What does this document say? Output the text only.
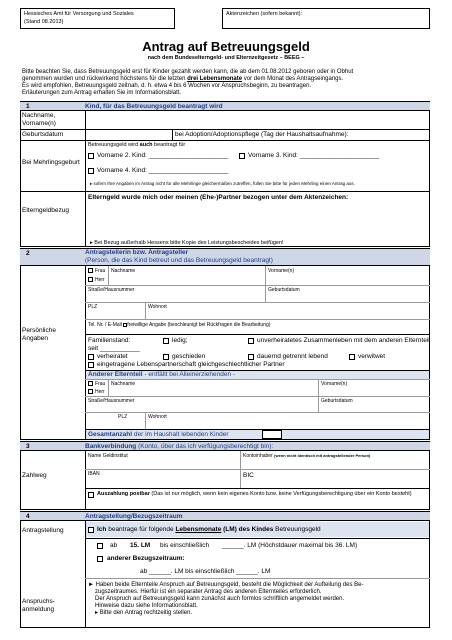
Hessisches Amt für Versorgung und Soziales
(Stand 08.2013)
Aktenzeichen (sofern bekannt):
Antrag auf Betreuungsgeld
nach dem Bundeselterngeld- und Elternzeitgesetz – BEEG –
Bitte beachten Sie, dass Betreuungsgeld erst für Kinder gezahlt werden kann, die ab dem 01.08.2012 geboren oder in Obhut
genommen wurden und rückwirkend höchstens für die letzten drei Lebensmonate vor dem Monat des Antragseingangs.
Es wird empfohlen, Betreuungsgeld zeitnah, d. h. etwa 4 bis 6 Wochen vor Anspruchsbeginn, zu beantragen.
Erläuterungen zum Antrag erhalten Sie im Informationsblatt.
1	Kind, für das Betreuungsgeld beantragt wird
Nachname, Vorname(n)
Geburtsdatum	bei Adoption/Adoptionspflege (Tag der Haushaltsaufnahme):
Bei Mehrlingsgeburt
Betreuungsgeld wird auch beantragt für
Vorname 2. Kind: ______________________	Vorname 3. Kind: ______________________
Vorname 4. Kind: ______________________
▸ sofern Ihre Angaben im Antrag nicht für alle Mehrlinge gleichermaßen zutreffen, füllen Sie bitte für jeden Mehrling einen Antrag aus.
Elterngeldbezug
Elterngeld wurde mich oder meinen (Ehe-)Partner bezogen unter dem Aktenzeichen:
▸ Bei Bezug außerhalb Hessens bitte Kopie des Leistungsbescheides beifügen!
2	Antragstellerin bzw. Antragsteller
(Person, die das Kind betreut und das Betreuungsgeld beantragt)
Persönliche Angaben
Frau
Herr
Nachname	Vorname(n)
Straße/Hausnummer	Geburtsdatum
PLZ	Wohnort
Tel. Nr. / E-Mail freiwillige Angabe (beschleunigt bei Rückfragen die Bearbeitung)
Familienstand:	ledig;	unverheiratetes Zusammenleben mit dem anderen Elternteil
seit ___________
verheiratet	geschieden	dauernd getrennt lebend	verwitwet
eingetragene Lebenspartnerschaft gleichgeschlechtlicher Partner
Anderer Elternteil - entfällt bei Alleinerziehenden -
Frau
Herr
Nachname	Vorname(n)
Straße/Hausnummer	Geburtsdatum
PLZ	Wohnort
Gesamtanzahl der im Haushalt lebenden Kinder
3	Bankverbindung (Konto, über das ich verfügungsberechtigt bin):
Zahlweg
Name Geldinstitut	Kontoinhaber (wenn nicht identisch mit antragstellender Person)
IBAN	BIC
Auszahlung postbar (Das ist nur möglich, wenn kein eigenes Konto bzw. keine Verfügungsberechtigung über ein Konto besteht)
4	Antragstellung/Bezugszeitraum
Antragstellung
Anspruchs-anmeldung
Ich beantrage für folgende Lebensmonate (LM) des Kindes Betreuungsgeld
ab 15. LM bis einschließlich ______. LM (Höchstdauer maximal bis 36. LM)
anderer Bezugszeitraum:
ab ______. LM bis einschließlich ______. LM
► Haben beide Elternteile Anspruch auf Betreuungsgeld, besteht die Möglichkeit der Aufteilung des Be-
zugszeitraumes. Hierfür ist ein separater Antrag des anderen Elternteiles erforderlich.
Der Anspruch auf Betreuungsgeld kann zunächst auch formlos schriftlich angemeldet werden.
Hinweise dazu siehe Informationsblatt.
▸ Bitte den Antrag rechtzeitig stellen.
